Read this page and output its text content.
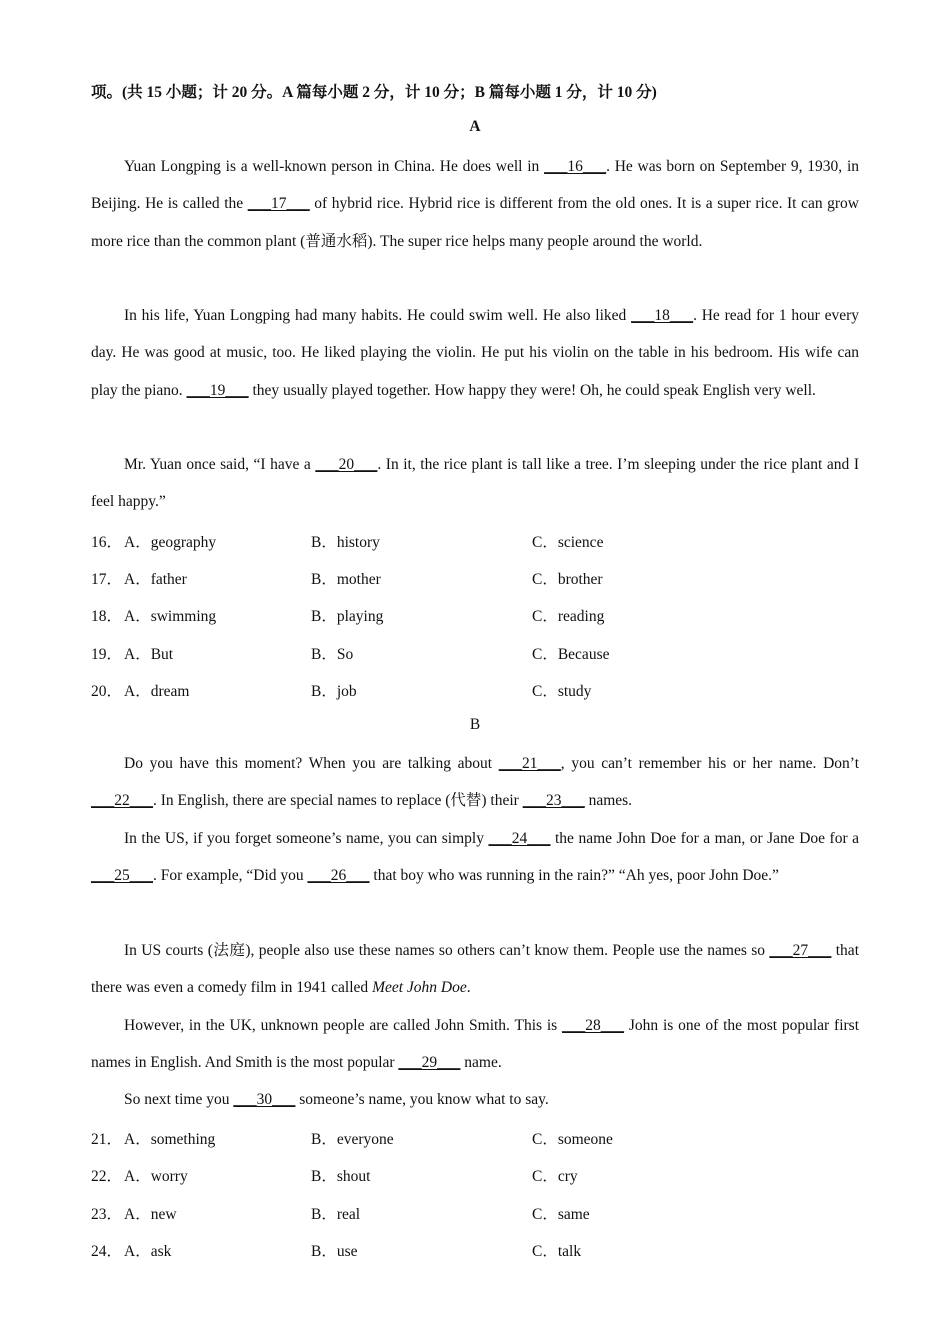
项。(共 15 小题；计 20 分。A 篇每小题 2 分，计 10 分；B 篇每小题 1 分，计 10 分)
A

Yuan Longping is a well-known person in China. He does well in ___16___. He was born on September 9, 1930, in Beijing. He is called the ___17___ of hybrid rice. Hybrid rice is different from the old ones. It is a super rice. It can grow more rice than the common plant (普通水稻). The super rice helps many people around the world.

In his life, Yuan Longping had many habits. He could swim well. He also liked ___18___. He read for 1 hour every day. He was good at music, too. He liked playing the violin. He put his violin on the table in his bedroom. His wife can play the piano. ___19___ they usually played together. How happy they were! Oh, he could speak English very well.

Mr. Yuan once said, “I have a ___20___. In it, the rice plant is tall like a tree. I’m sleeping under the rice plant and I feel happy.”

16． A．geography	B．history	C．science
17． A．father	B．mother	C．brother
18． A．swimming	B．playing	C．reading
19． A．But	B．So	C．Because
20． A．dream	B．job	C．study
B

Do you have this moment? When you are talking about ___21___, you can’t remember his or her name. Don’t ___22___. In English, there are special names to replace (代替) their ___23___ names.

In the US, if you forget someone’s name, you can simply ___24___ the name John Doe for a man, or Jane Doe for a ___25___. For example, “Did you ___26___ that boy who was running in the rain?” “Ah yes, poor John Doe.”

In US courts (法庭), people also use these names so others can’t know them. People use the names so ___27___ that there was even a comedy film in 1941 called Meet John Doe.

However, in the UK, unknown people are called John Smith. This is ___28___ John is one of the most popular first names in English. And Smith is the most popular ___29___ name.

So next time you ___30___ someone’s name, you know what to say.

21． A．something	B．everyone	C．someone
22． A．worry	B．shout	C．cry
23． A．new	B．real	C．same
24． A．ask	B．use	C．talk
